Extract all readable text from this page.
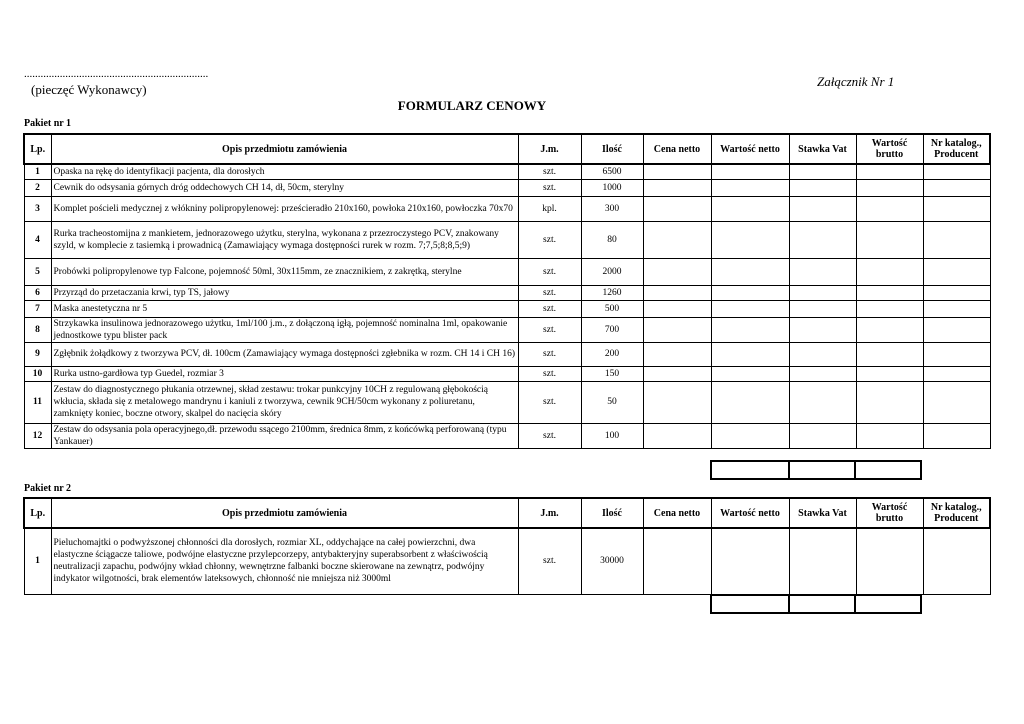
...................................................................
(pieczęć Wykonawcy)
Załącznik Nr 1
FORMULARZ CENOWY
Pakiet nr 1
Lp.	Opis przedmiotu zamówienia	J.m.	Ilość	Cena netto	Wartość netto	Stawka Vat	Wartość brutto	Nr katalog., Producent
1	Opaska na rękę do identyfikacji pacjenta, dla dorosłych	szt.	6500					
2	Cewnik do odsysania górnych dróg oddechowych CH 14, dł, 50cm, sterylny	szt.	1000					
3	Komplet pościeli medycznej z włókniny polipropylenowej: prześcieradło 210x160, powłoka 210x160, powłoczka 70x70	kpl.	300					
4	Rurka tracheostomijna z mankietem, jednorazowego użytku, sterylna, wykonana z przezroczystego PCV, znakowany szyld, w komplecie z tasiemką i prowadnicą (Zamawiający wymaga dostępności rurek w rozm. 7;7,5;8;8,5;9)	szt.	80					
5	Probówki polipropylenowe typ Falcone, pojemność 50ml, 30x115mm, ze znacznikiem, z zakrętką, sterylne	szt.	2000					
6	Przyrząd do przetaczania krwi, typ TS, jałowy	szt.	1260					
7	Maska anestetyczna nr 5	szt.	500					
8	Strzykawka insulinowa jednorazowego użytku, 1ml/100 j.m., z dołączoną igłą, pojemność nominalna 1ml, opakowanie jednostkowe typu blister pack	szt.	700					
9	Zgłębnik żołądkowy z tworzywa PCV, dł. 100cm (Zamawiający wymaga dostępności zgłebnika w rozm. CH 14 i CH 16)	szt.	200					
10	Rurka ustno-gardłowa typ Guedel, rozmiar 3	szt.	150					
11	Zestaw do diagnostycznego płukania otrzewnej, skład zestawu: trokar punkcyjny 10CH z regulowaną głębokością wkłucia, składa się z metalowego mandrynu i kaniuli z tworzywa, cewnik 9CH/50cm wykonany z poliuretanu, zamknięty koniec, boczne otwory, skalpel do nacięcia skóry	szt.	50					
12	Zestaw do odsysania pola operacyjnego,dł. przewodu ssącego 2100mm, średnica 8mm, z końcówką perforowaną (typu Yankauer)	szt.	100					

Pakiet nr 2
Lp.	Opis przedmiotu zamówienia	J.m.	Ilość	Cena netto	Wartość netto	Stawka Vat	Wartość brutto	Nr katalog., Producent
1	Pieluchomajtki o podwyższonej chłonności dla dorosłych, rozmiar XL, oddychające na całej powierzchni, dwa elastyczne ściągacze taliowe, podwójne elastyczne przylepcorzepy, antybakteryjny superabsorbent z właściwością neutralizacji zapachu, podwójny wkład chłonny, wewnętrzne falbanki boczne skierowane na zewnątrz, podwójny indykator wilgotności, brak elementów lateksowych, chłonność nie mniejsza niż 3000ml	szt.	30000					
